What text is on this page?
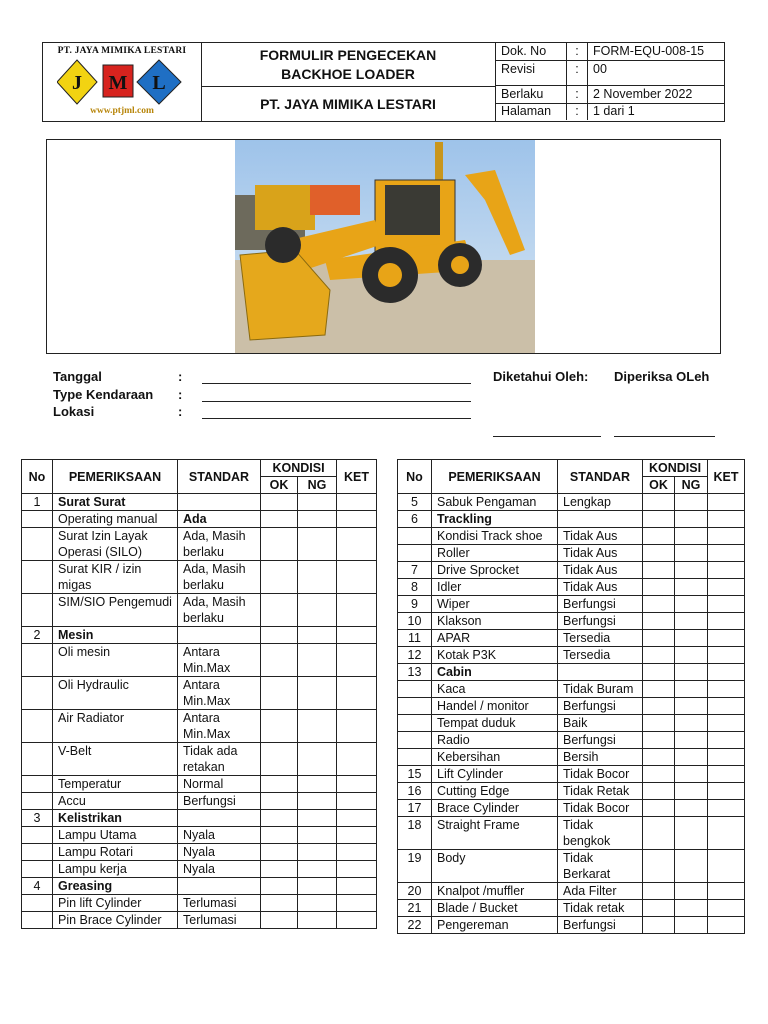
PT. JAYA MIMIKA LESTARI
J M L
www.ptjml.com
FORMULIR PENGECEKAN
BACKHOE LOADER
PT. JAYA MIMIKA LESTARI
Dok. No	:	FORM-EQU-008-15
Revisi	:	00
Berlaku	:	2 November 2022
Halaman	:	1 dari 1
Tanggal	:
Type Kendaraan :
Lokasi	:
Diketahui Oleh: Diperiksa OLeh
No	PEMERIKSAAN	STANDAR	KONDISI		KET
			OK	NG	
1	Surat Surat				
	Operating manual	Ada			
	Surat Izin Layak Operasi (SILO)	Ada, Masih berlaku			
	Surat KIR / izin migas	Ada, Masih berlaku			
	SIM/SIO Pengemudi	Ada, Masih berlaku			
2	Mesin				
	Oli mesin	Antara Min.Max			
	Oli Hydraulic	Antara Min.Max			
	Air Radiator	Antara Min.Max			
	V-Belt	Tidak ada retakan			
	Temperatur	Normal			
	Accu	Berfungsi			
3	Kelistrikan				
	Lampu Utama	Nyala			
	Lampu Rotari	Nyala			
	Lampu kerja	Nyala			
4	Greasing				
	Pin lift Cylinder	Terlumasi			
	Pin Brace Cylinder	Terlumasi			
No	PEMERIKSAAN	STANDAR	KONDISI		KET
			OK	NG	
5	Sabuk Pengaman	Lengkap			
6	Trackling				
	Kondisi Track shoe	Tidak Aus			
	Roller	Tidak Aus			
7	Drive Sprocket	Tidak Aus			
8	Idler	Tidak Aus			
9	Wiper	Berfungsi			
10	Klakson	Berfungsi			
11	APAR	Tersedia			
12	Kotak P3K	Tersedia			
13	Cabin				
	Kaca	Tidak Buram			
	Handel / monitor	Berfungsi			
	Tempat duduk	Baik			
	Radio	Berfungsi			
	Kebersihan	Bersih			
15	Lift Cylinder	Tidak Bocor			
16	Cutting Edge	Tidak Retak			
17	Brace Cylinder	Tidak Bocor			
18	Straight Frame	Tidak bengkok			
19	Body	Tidak Berkarat			
20	Knalpot /muffler	Ada Filter			
21	Blade / Bucket	Tidak retak			
22	Pengereman	Berfungsi			
